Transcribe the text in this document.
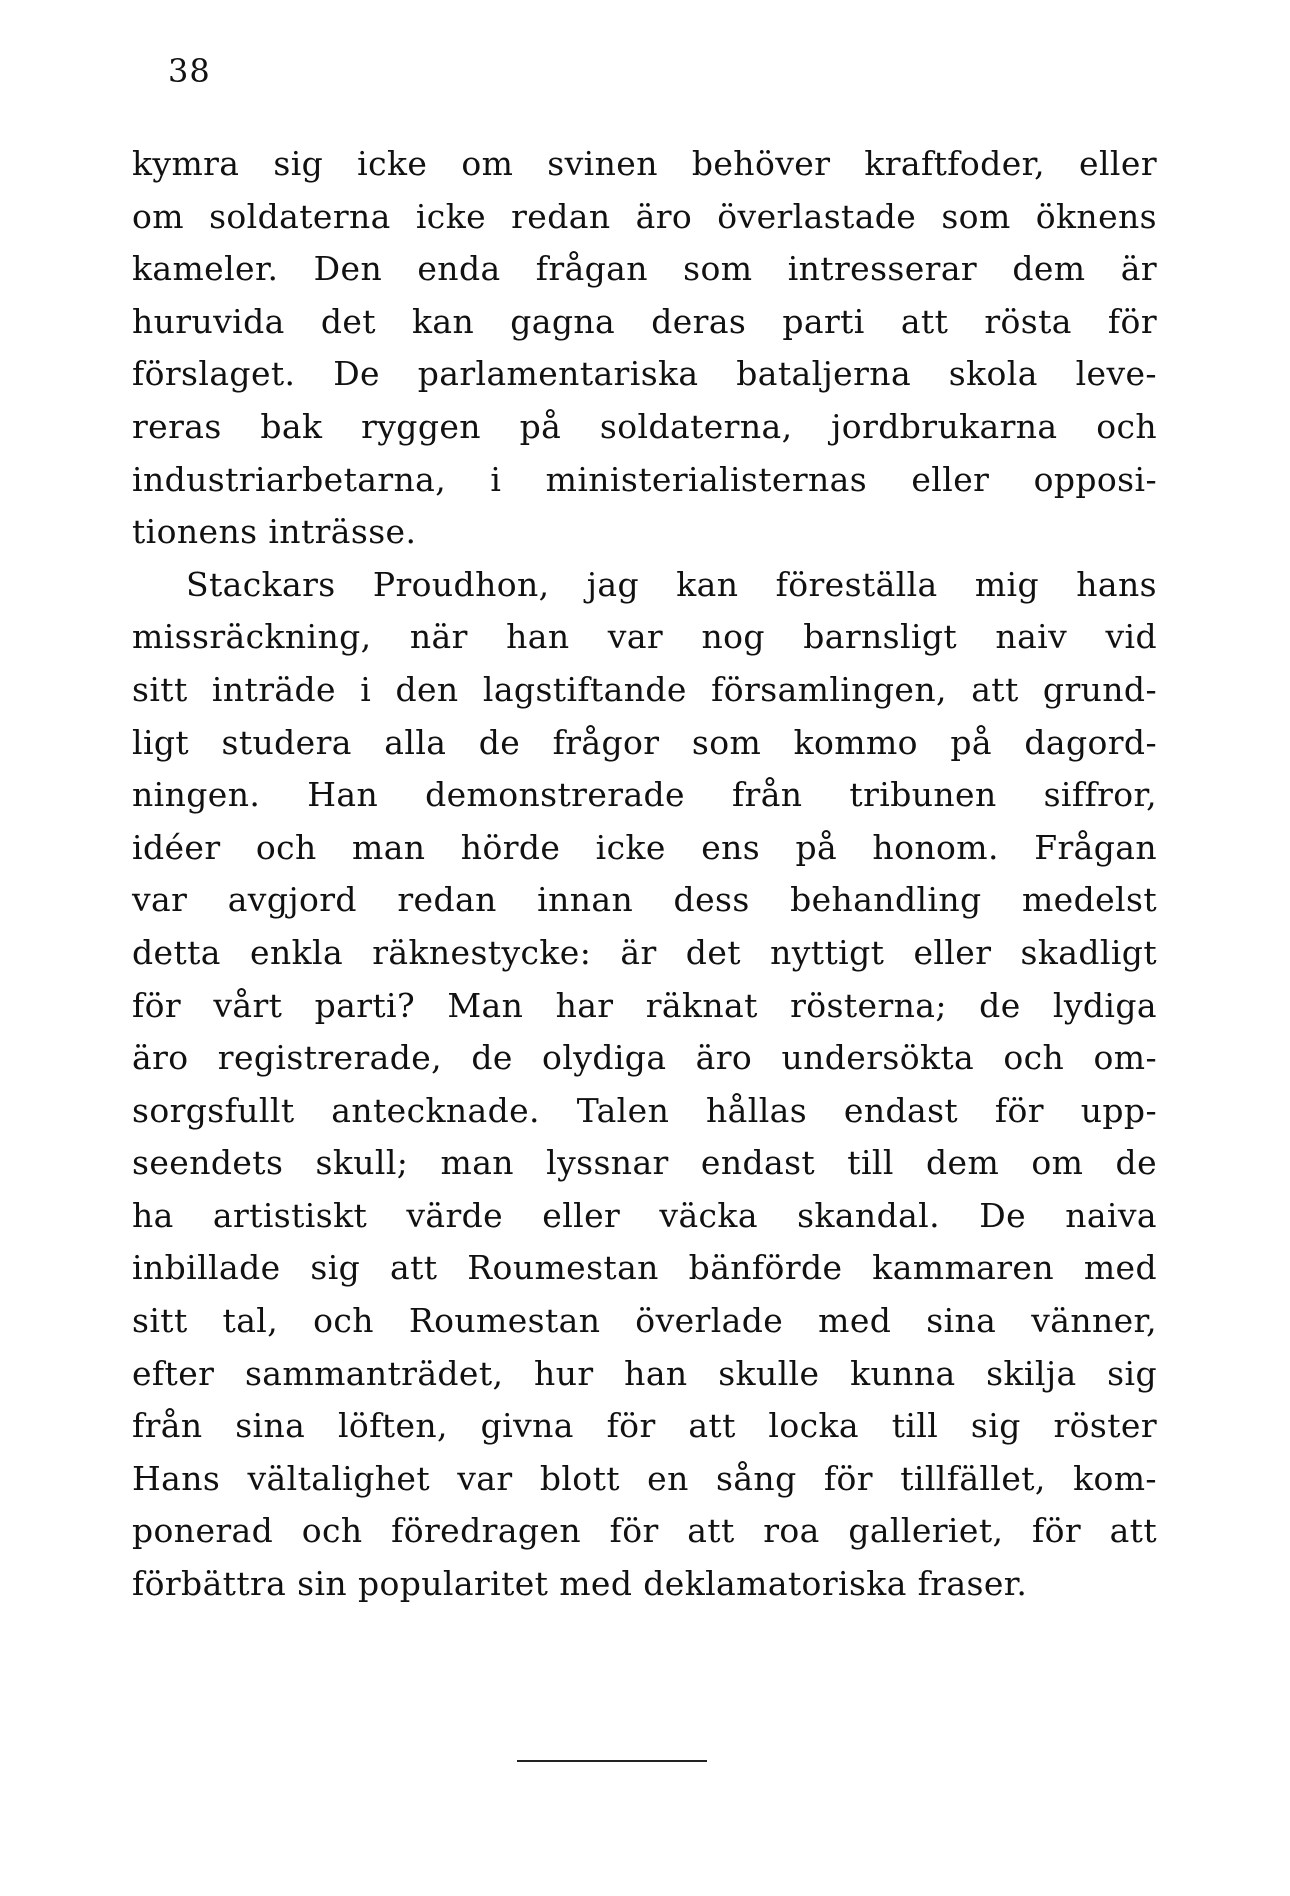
38
kymra sig icke om svinen behöver kraftfoder, eller
om soldaterna icke redan äro överlastade som öknens
kameler. Den enda frågan som intresserar dem är
huruvida det kan gagna deras parti att rösta för
förslaget. De parlamentariska bataljerna skola leve-
reras bak ryggen på soldaterna, jordbrukarna och
industriarbetarna, i ministerialisternas eller opposi-
tionens inträsse.
Stackars Proudhon, jag kan föreställa mig hans
missräckning, när han var nog barnsligt naiv vid
sitt inträde i den lagstiftande församlingen, att grund-
ligt studera alla de frågor som kommo på dagord-
ningen. Han demonstrerade från tribunen siffror,
idéer och man hörde icke ens på honom. Frågan
var avgjord redan innan dess behandling medelst
detta enkla räknestycke: är det nyttigt eller skadligt
för vårt parti? Man har räknat rösterna; de lydiga
äro registrerade, de olydiga äro undersökta och om-
sorgsfullt antecknade. Talen hållas endast för upp-
seendets skull; man lyssnar endast till dem om de
ha artistiskt värde eller väcka skandal. De naiva
inbillade sig att Roumestan bänförde kammaren med
sitt tal, och Roumestan överlade med sina vänner,
efter sammanträdet, hur han skulle kunna skilja sig
från sina löften, givna för att locka till sig röster
Hans vältalighet var blott en sång för tillfället, kom-
ponerad och föredragen för att roa galleriet, för att
förbättra sin popularitet med deklamatoriska fraser.
